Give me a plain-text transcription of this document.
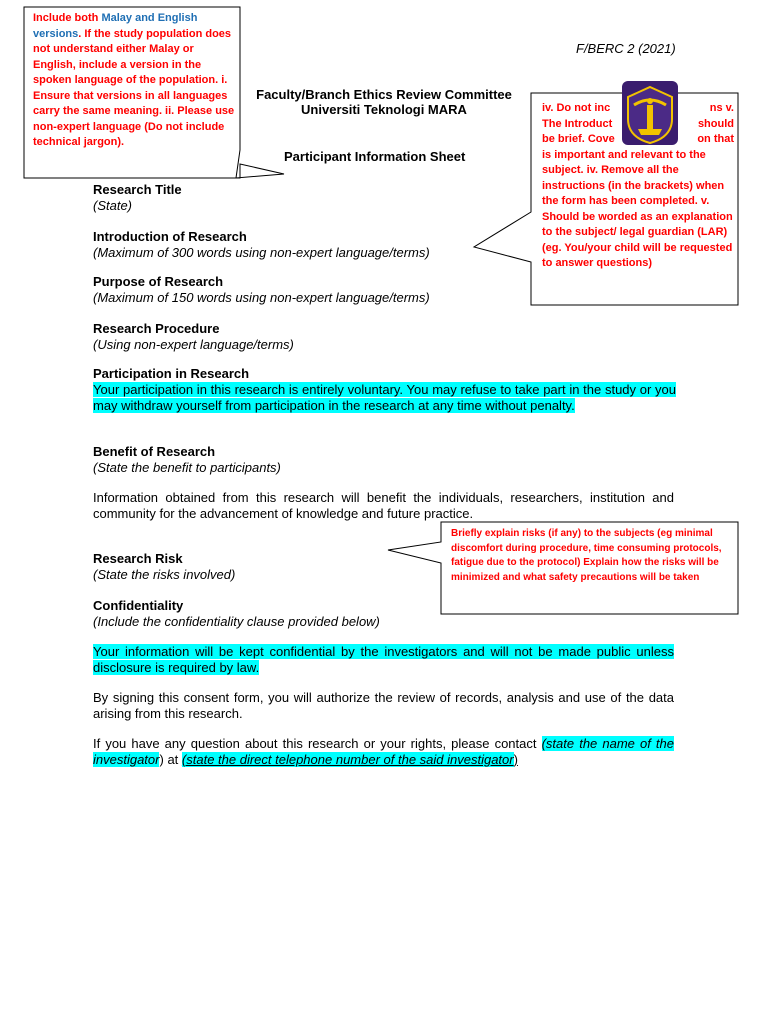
Include both Malay and English versions. If the study population does not understand either Malay or English, include a version in the spoken language of the population. i. Ensure that versions in all languages carry the same meaning. ii. Please use non-expert language (Do not include technical jargon).
iv. Do not inc	ns v.
The Introduct	should
be brief. Cove	on that
is important and relevant to the subject. iv. Remove all the instructions (in the brackets) when the form has been completed. v. Should be worded as an explanation to the subject/ legal guardian (LAR) (eg. You/your child will be requested to answer questions)
F/BERC 2 (2021)
Faculty/Branch Ethics Review Committee
Universiti Teknologi MARA
Participant Information Sheet
Research Title
(State)
Introduction of Research
(Maximum of 300 words using non-expert language/terms)
Purpose of Research
(Maximum of 150 words using non-expert language/terms)
Research Procedure
(Using non-expert language/terms)
Participation in Research
Your participation in this research is entirely voluntary. You may refuse to take part in the study or you may withdraw yourself from participation in the research at any time without penalty.
Benefit of Research
(State the benefit to participants)
Information obtained from this research will benefit the individuals, researchers, institution and community for the advancement of knowledge and future practice.
Briefly explain risks (if any) to the subjects (eg minimal discomfort during procedure, time consuming protocols, fatigue due to the protocol) Explain how the risks will be minimized and what safety precautions will be taken
Research Risk
(State the risks involved)
Confidentiality
(Include the confidentiality clause provided below)
Your information will be kept confidential by the investigators and will not be made public unless disclosure is required by law.
By signing this consent form, you will authorize the review of records, analysis and use of the data arising from this research.
If you have any question about this research or your rights, please contact (state the name of the investigator) at (state the direct telephone number of the said investigator)
